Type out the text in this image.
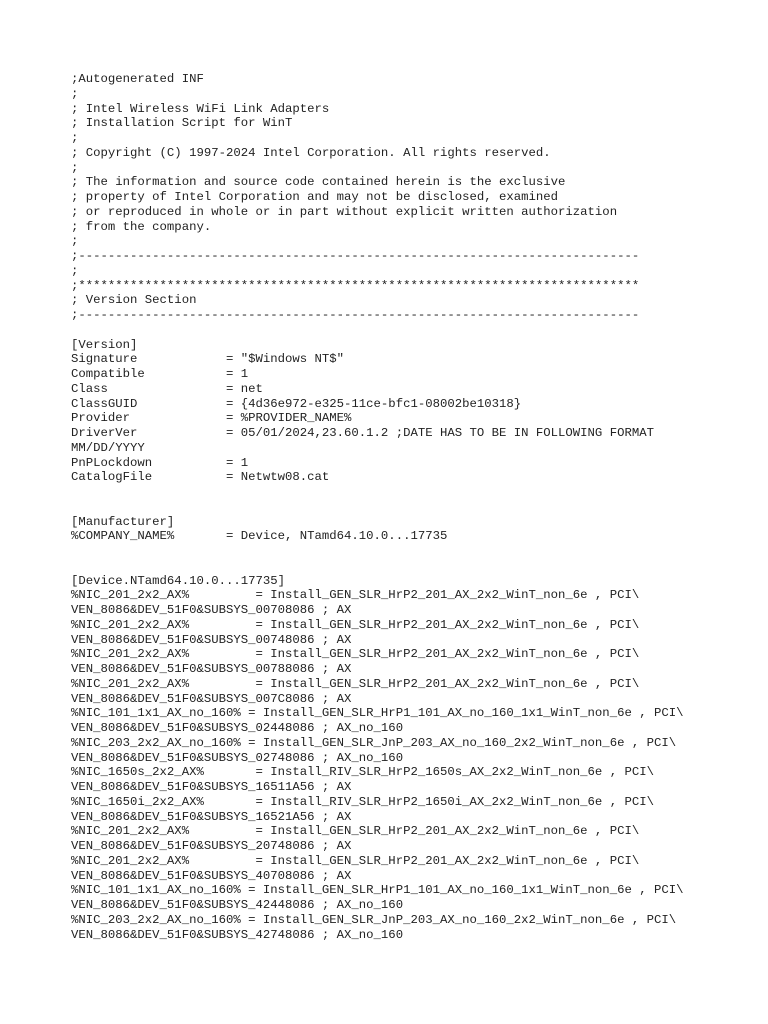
;Autogenerated INF
;
; Intel Wireless WiFi Link Adapters
; Installation Script for WinT
;
; Copyright (C) 1997-2024 Intel Corporation. All rights reserved.
;
; The information and source code contained herein is the exclusive
; property of Intel Corporation and may not be disclosed, examined
; or reproduced in whole or in part without explicit written authorization
; from the company.
;
;----------------------------------------------------------------------------
;
;****************************************************************************
; Version Section
;----------------------------------------------------------------------------
[Version]
Signature            = "$Windows NT$"
Compatible           = 1
Class                = net
ClassGUID            = {4d36e972-e325-11ce-bfc1-08002be10318}
Provider             = %PROVIDER_NAME%
DriverVer            = 05/01/2024,23.60.1.2 ;DATE HAS TO BE IN FOLLOWING FORMAT
MM/DD/YYYY
PnPLockdown          = 1
CatalogFile          = Netwtw08.cat
[Manufacturer]
%COMPANY_NAME%       = Device, NTamd64.10.0...17735
[Device.NTamd64.10.0...17735]
%NIC_201_2x2_AX%         = Install_GEN_SLR_HrP2_201_AX_2x2_WinT_non_6e , PCI\
VEN_8086&DEV_51F0&SUBSYS_00708086 ; AX
%NIC_201_2x2_AX%         = Install_GEN_SLR_HrP2_201_AX_2x2_WinT_non_6e , PCI\
VEN_8086&DEV_51F0&SUBSYS_00748086 ; AX
%NIC_201_2x2_AX%         = Install_GEN_SLR_HrP2_201_AX_2x2_WinT_non_6e , PCI\
VEN_8086&DEV_51F0&SUBSYS_00788086 ; AX
%NIC_201_2x2_AX%         = Install_GEN_SLR_HrP2_201_AX_2x2_WinT_non_6e , PCI\
VEN_8086&DEV_51F0&SUBSYS_007C8086 ; AX
%NIC_101_1x1_AX_no_160% = Install_GEN_SLR_HrP1_101_AX_no_160_1x1_WinT_non_6e , PCI\
VEN_8086&DEV_51F0&SUBSYS_02448086 ; AX_no_160
%NIC_203_2x2_AX_no_160% = Install_GEN_SLR_JnP_203_AX_no_160_2x2_WinT_non_6e , PCI\
VEN_8086&DEV_51F0&SUBSYS_02748086 ; AX_no_160
%NIC_1650s_2x2_AX%       = Install_RIV_SLR_HrP2_1650s_AX_2x2_WinT_non_6e , PCI\
VEN_8086&DEV_51F0&SUBSYS_16511A56 ; AX
%NIC_1650i_2x2_AX%       = Install_RIV_SLR_HrP2_1650i_AX_2x2_WinT_non_6e , PCI\
VEN_8086&DEV_51F0&SUBSYS_16521A56 ; AX
%NIC_201_2x2_AX%         = Install_GEN_SLR_HrP2_201_AX_2x2_WinT_non_6e , PCI\
VEN_8086&DEV_51F0&SUBSYS_20748086 ; AX
%NIC_201_2x2_AX%         = Install_GEN_SLR_HrP2_201_AX_2x2_WinT_non_6e , PCI\
VEN_8086&DEV_51F0&SUBSYS_40708086 ; AX
%NIC_101_1x1_AX_no_160% = Install_GEN_SLR_HrP1_101_AX_no_160_1x1_WinT_non_6e , PCI\
VEN_8086&DEV_51F0&SUBSYS_42448086 ; AX_no_160
%NIC_203_2x2_AX_no_160% = Install_GEN_SLR_JnP_203_AX_no_160_2x2_WinT_non_6e , PCI\
VEN_8086&DEV_51F0&SUBSYS_42748086 ; AX_no_160
